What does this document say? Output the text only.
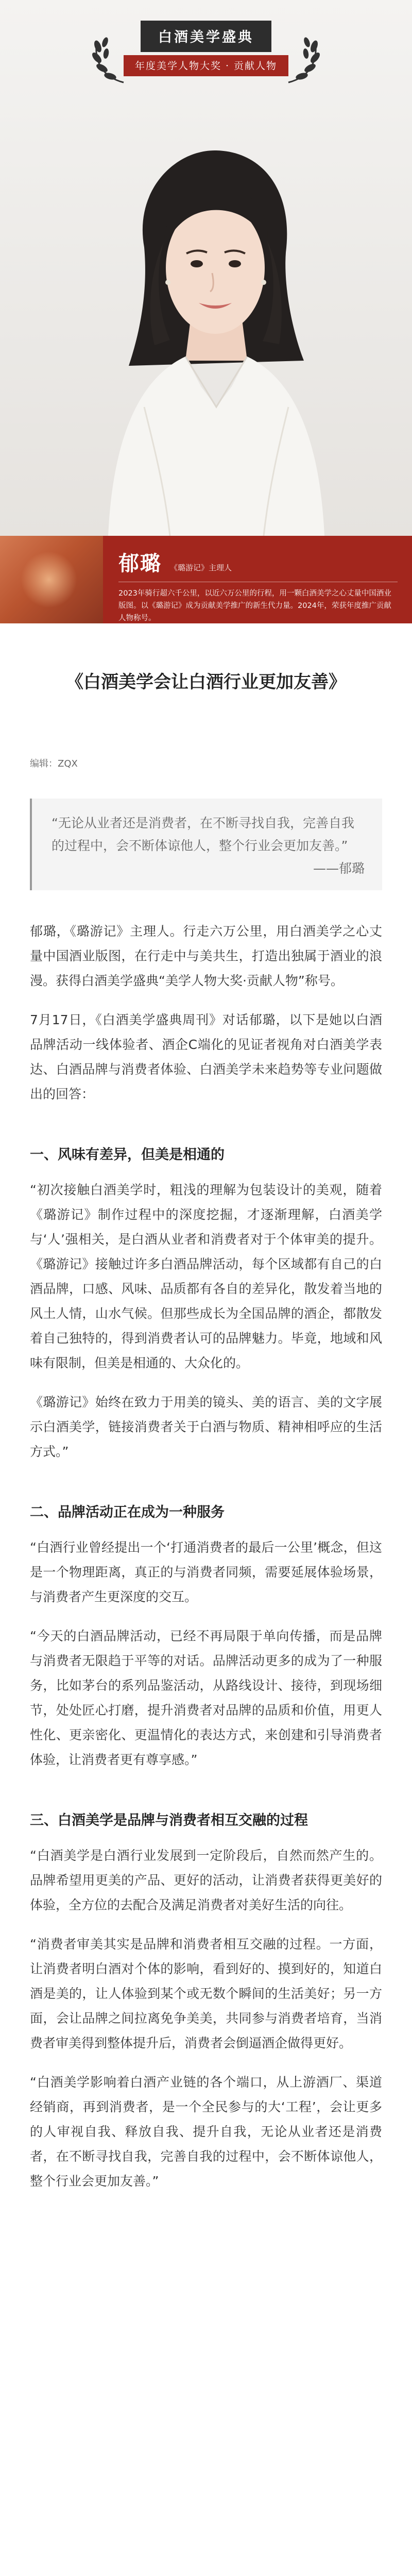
白酒美学盛典
年度美学人物大奖 · 贡献人物
郁璐 《璐游记》主理人
2023年骑行超六千公里，以近六万公里的行程，用一颗白酒美学之心丈量中国酒业版图。以《璐游记》成为贡献美学推广的新生代力量。2024年，荣获年度推广贡献人物称号。
《白酒美学会让白酒行业更加友善》
编辑：ZQX
“无论从业者还是消费者，在不断寻找自我，完善自我的过程中，会不断体谅他人，整个行业会更加友善。”
——郁璐

郁璐，《璐游记》主理人。行走六万公里，用白酒美学之心丈量中国酒业版图，在行走中与美共生，打造出独属于酒业的浪漫。获得白酒美学盛典“美学人物大奖·贡献人物”称号。

7月17日，《白酒美学盛典周刊》对话郁璐，以下是她以白酒品牌活动一线体验者、酒企C端化的见证者视角对白酒美学表达、白酒品牌与消费者体验、白酒美学未来趋势等专业问题做出的回答：

一、风味有差异，但美是相通的

“初次接触白酒美学时，粗浅的理解为包装设计的美观，随着《璐游记》制作过程中的深度挖掘，才逐渐理解，白酒美学与‘人’强相关，是白酒从业者和消费者对于个体审美的提升。《璐游记》接触过许多白酒品牌活动，每个区域都有自己的白酒品牌，口感、风味、品质都有各自的差异化，散发着当地的风土人情，山水气候。但那些成长为全国品牌的酒企，都散发着自己独特的，得到消费者认可的品牌魅力。毕竟，地域和风味有限制，但美是相通的、大众化的。

《璐游记》始终在致力于用美的镜头、美的语言、美的文字展示白酒美学，链接消费者关于白酒与物质、精神相呼应的生活方式。”

二、品牌活动正在成为一种服务

“白酒行业曾经提出一个‘打通消费者的最后一公里’概念，但这是一个物理距离，真正的与消费者同频，需要延展体验场景，与消费者产生更深度的交互。

“今天的白酒品牌活动，已经不再局限于单向传播，而是品牌与消费者无限趋于平等的对话。品牌活动更多的成为了一种服务，比如茅台的系列品鉴活动，从路线设计、接待，到现场细节，处处匠心打磨，提升消费者对品牌的品质和价值，用更人性化、更亲密化、更温情化的表达方式，来创建和引导消费者体验，让消费者更有尊享感。”

三、白酒美学是品牌与消费者相互交融的过程

“白酒美学是白酒行业发展到一定阶段后，自然而然产生的。品牌希望用更美的产品、更好的活动，让消费者获得更美好的体验，全方位的去配合及满足消费者对美好生活的向往。

“消费者审美其实是品牌和消费者相互交融的过程。一方面，让消费者明白酒对个体的影响，看到好的、摸到好的，知道白酒是美的，让人体验到某个或无数个瞬间的生活美好；另一方面，会让品牌之间拉离免争美美，共同参与消费者培育，当消费者审美得到整体提升后，消费者会倒逼酒企做得更好。

“白酒美学影响着白酒产业链的各个端口，从上游酒厂、渠道经销商，再到消费者，是一个全民参与的大‘工程’，会让更多的人审视自我、释放自我、提升自我，无论从业者还是消费者，在不断寻找自我，完善自我的过程中，会不断体谅他人，整个行业会更加友善。”
